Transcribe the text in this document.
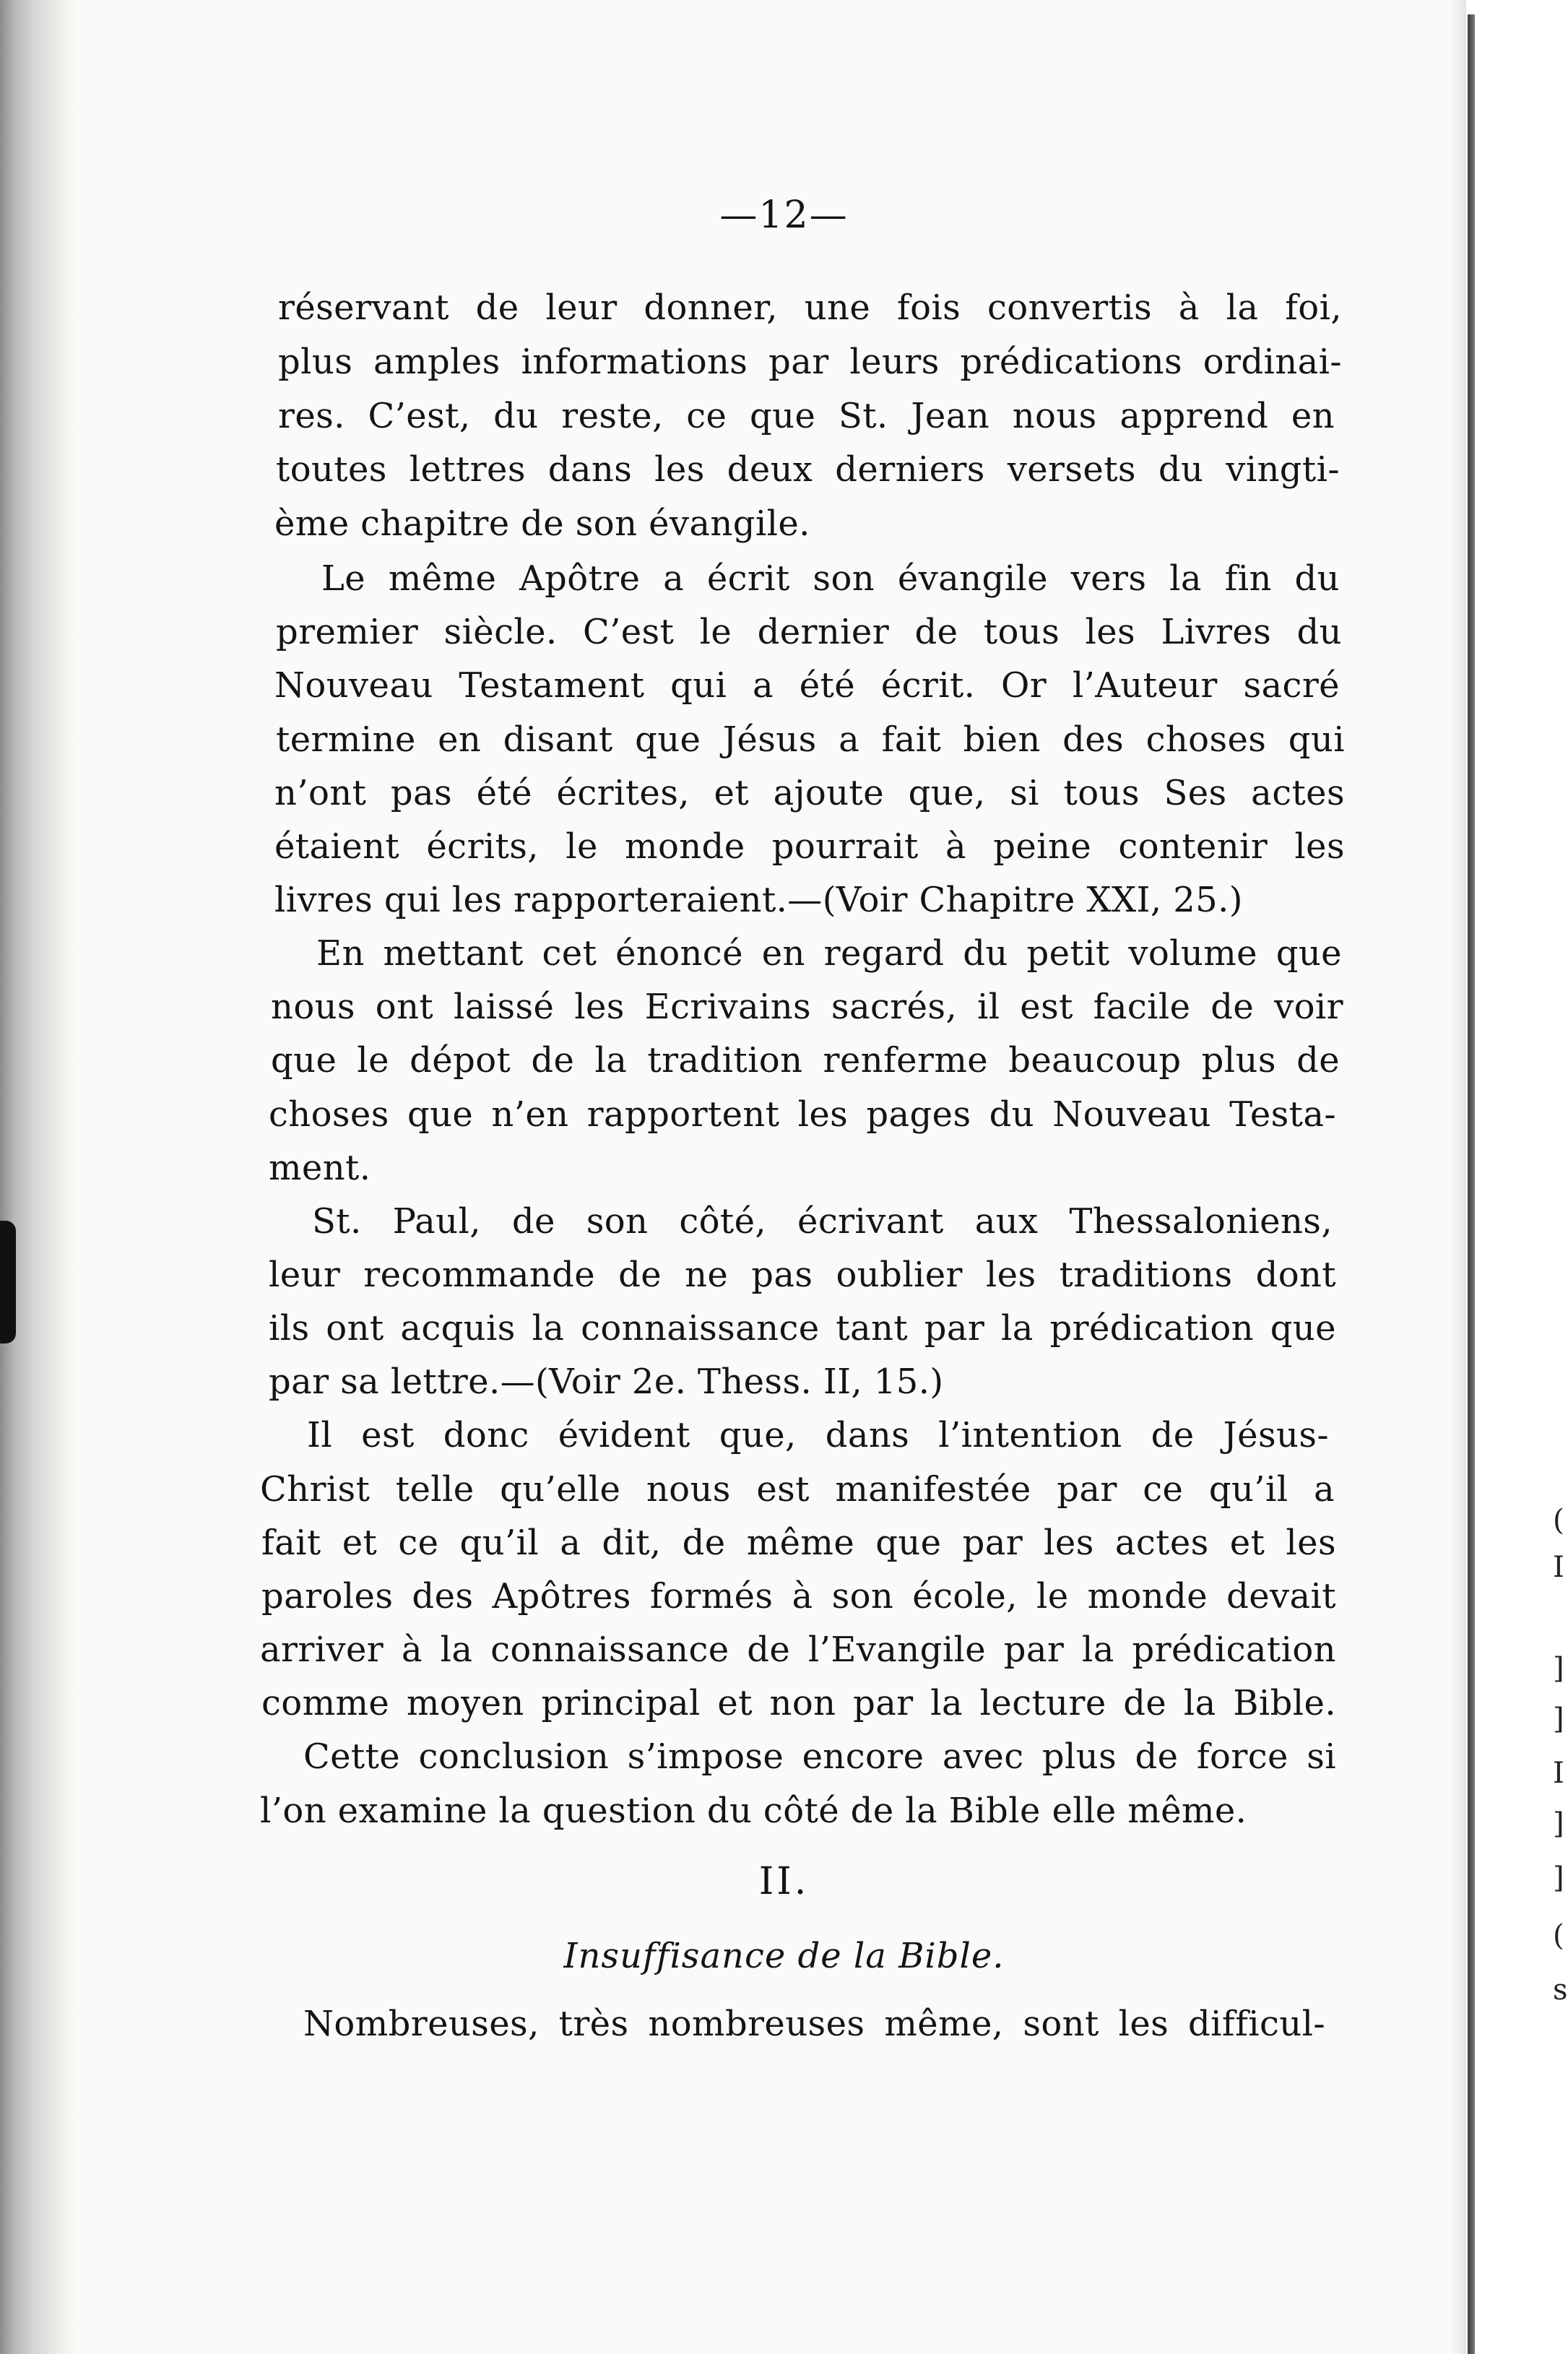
(
I
]
]
I
]
]
(
s
—12—
réservant de leur donner, une fois convertis à la foi,
plus amples informations par leurs prédications ordinai-
res. C’est, du reste, ce que St. Jean nous apprend en
toutes lettres dans les deux derniers versets du vingti-
ème chapitre de son évangile.
Le même Apôtre a écrit son évangile vers la fin du
premier siècle. C’est le dernier de tous les Livres du
Nouveau Testament qui a été écrit. Or l’Auteur sacré
termine en disant que Jésus a fait bien des choses qui
n’ont pas été écrites, et ajoute que, si tous Ses actes
étaient écrits, le monde pourrait à peine contenir les
livres qui les rapporteraient.—(Voir Chapitre XXI, 25.)
En mettant cet énoncé en regard du petit volume que
nous ont laissé les Ecrivains sacrés, il est facile de voir
que le dépot de la tradition renferme beaucoup plus de
choses que n’en rapportent les pages du Nouveau Testa-
ment.
St. Paul, de son côté, écrivant aux Thessaloniens,
leur recommande de ne pas oublier les traditions dont
ils ont acquis la connaissance tant par la prédication que
par sa lettre.—(Voir 2e. Thess. II, 15.)
Il est donc évident que, dans l’intention de Jésus-
Christ telle qu’elle nous est manifestée par ce qu’il a
fait et ce qu’il a dit, de même que par les actes et les
paroles des Apôtres formés à son école, le monde devait
arriver à la connaissance de l’Evangile par la prédication
comme moyen principal et non par la lecture de la Bible.
Cette conclusion s’impose encore avec plus de force si
l’on examine la question du côté de la Bible elle même.
Nombreuses, très nombreuses même, sont les difficul-
II.
Insuffisance de la Bible.
